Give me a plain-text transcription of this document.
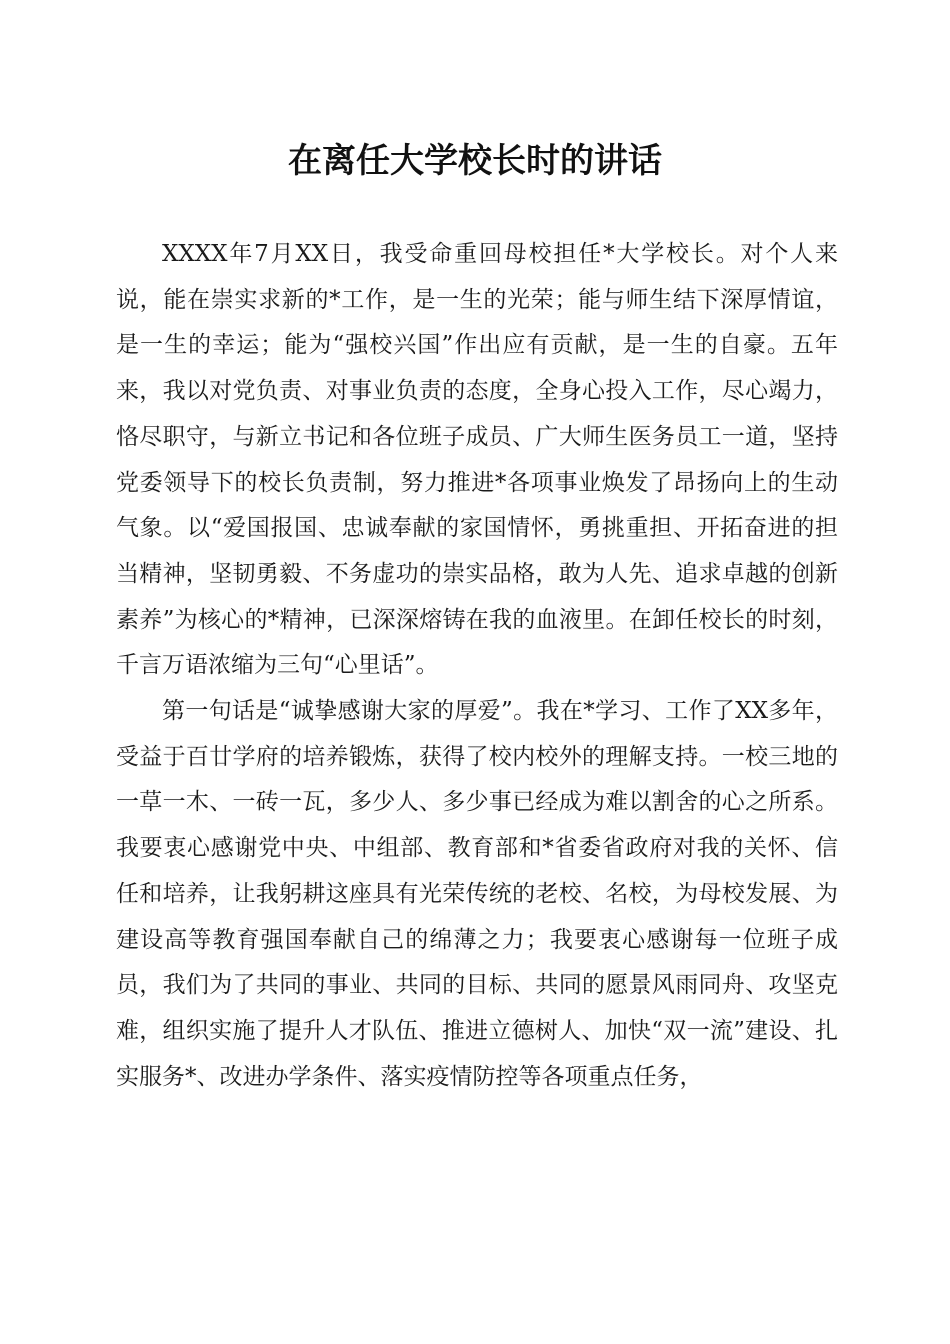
在离任大学校长时的讲话

XXXX年7月XX日，我受命重回母校担任*大学校长。对个人来说，能在崇实求新的*工作，是一生的光荣；能与师生结下深厚情谊，是一生的幸运；能为“强校兴国”作出应有贡献，是一生的自豪。五年来，我以对党负责、对事业负责的态度，全身心投入工作，尽心竭力，恪尽职守，与新立书记和各位班子成员、广大师生医务员工一道，坚持党委领导下的校长负责制，努力推进*各项事业焕发了昂扬向上的生动气象。以“爱国报国、忠诚奉献的家国情怀，勇挑重担、开拓奋进的担当精神，坚韧勇毅、不务虚功的崇实品格，敢为人先、追求卓越的创新素养”为核心的*精神，已深深熔铸在我的血液里。在卸任校长的时刻，千言万语浓缩为三句“心里话”。

第一句话是“诚挚感谢大家的厚爱”。我在*学习、工作了XX多年，受益于百廿学府的培养锻炼，获得了校内校外的理解支持。一校三地的一草一木、一砖一瓦，多少人、多少事已经成为难以割舍的心之所系。我要衷心感谢党中央、中组部、教育部和*省委省政府对我的关怀、信任和培养，让我躬耕这座具有光荣传统的老校、名校，为母校发展、为建设高等教育强国奉献自己的绵薄之力；我要衷心感谢每一位班子成员，我们为了共同的事业、共同的目标、共同的愿景风雨同舟、攻坚克难，组织实施了提升人才队伍、推进立德树人、加快“双一流”建设、扎实服务*、改进办学条件、落实疫情防控等各项重点任务，
